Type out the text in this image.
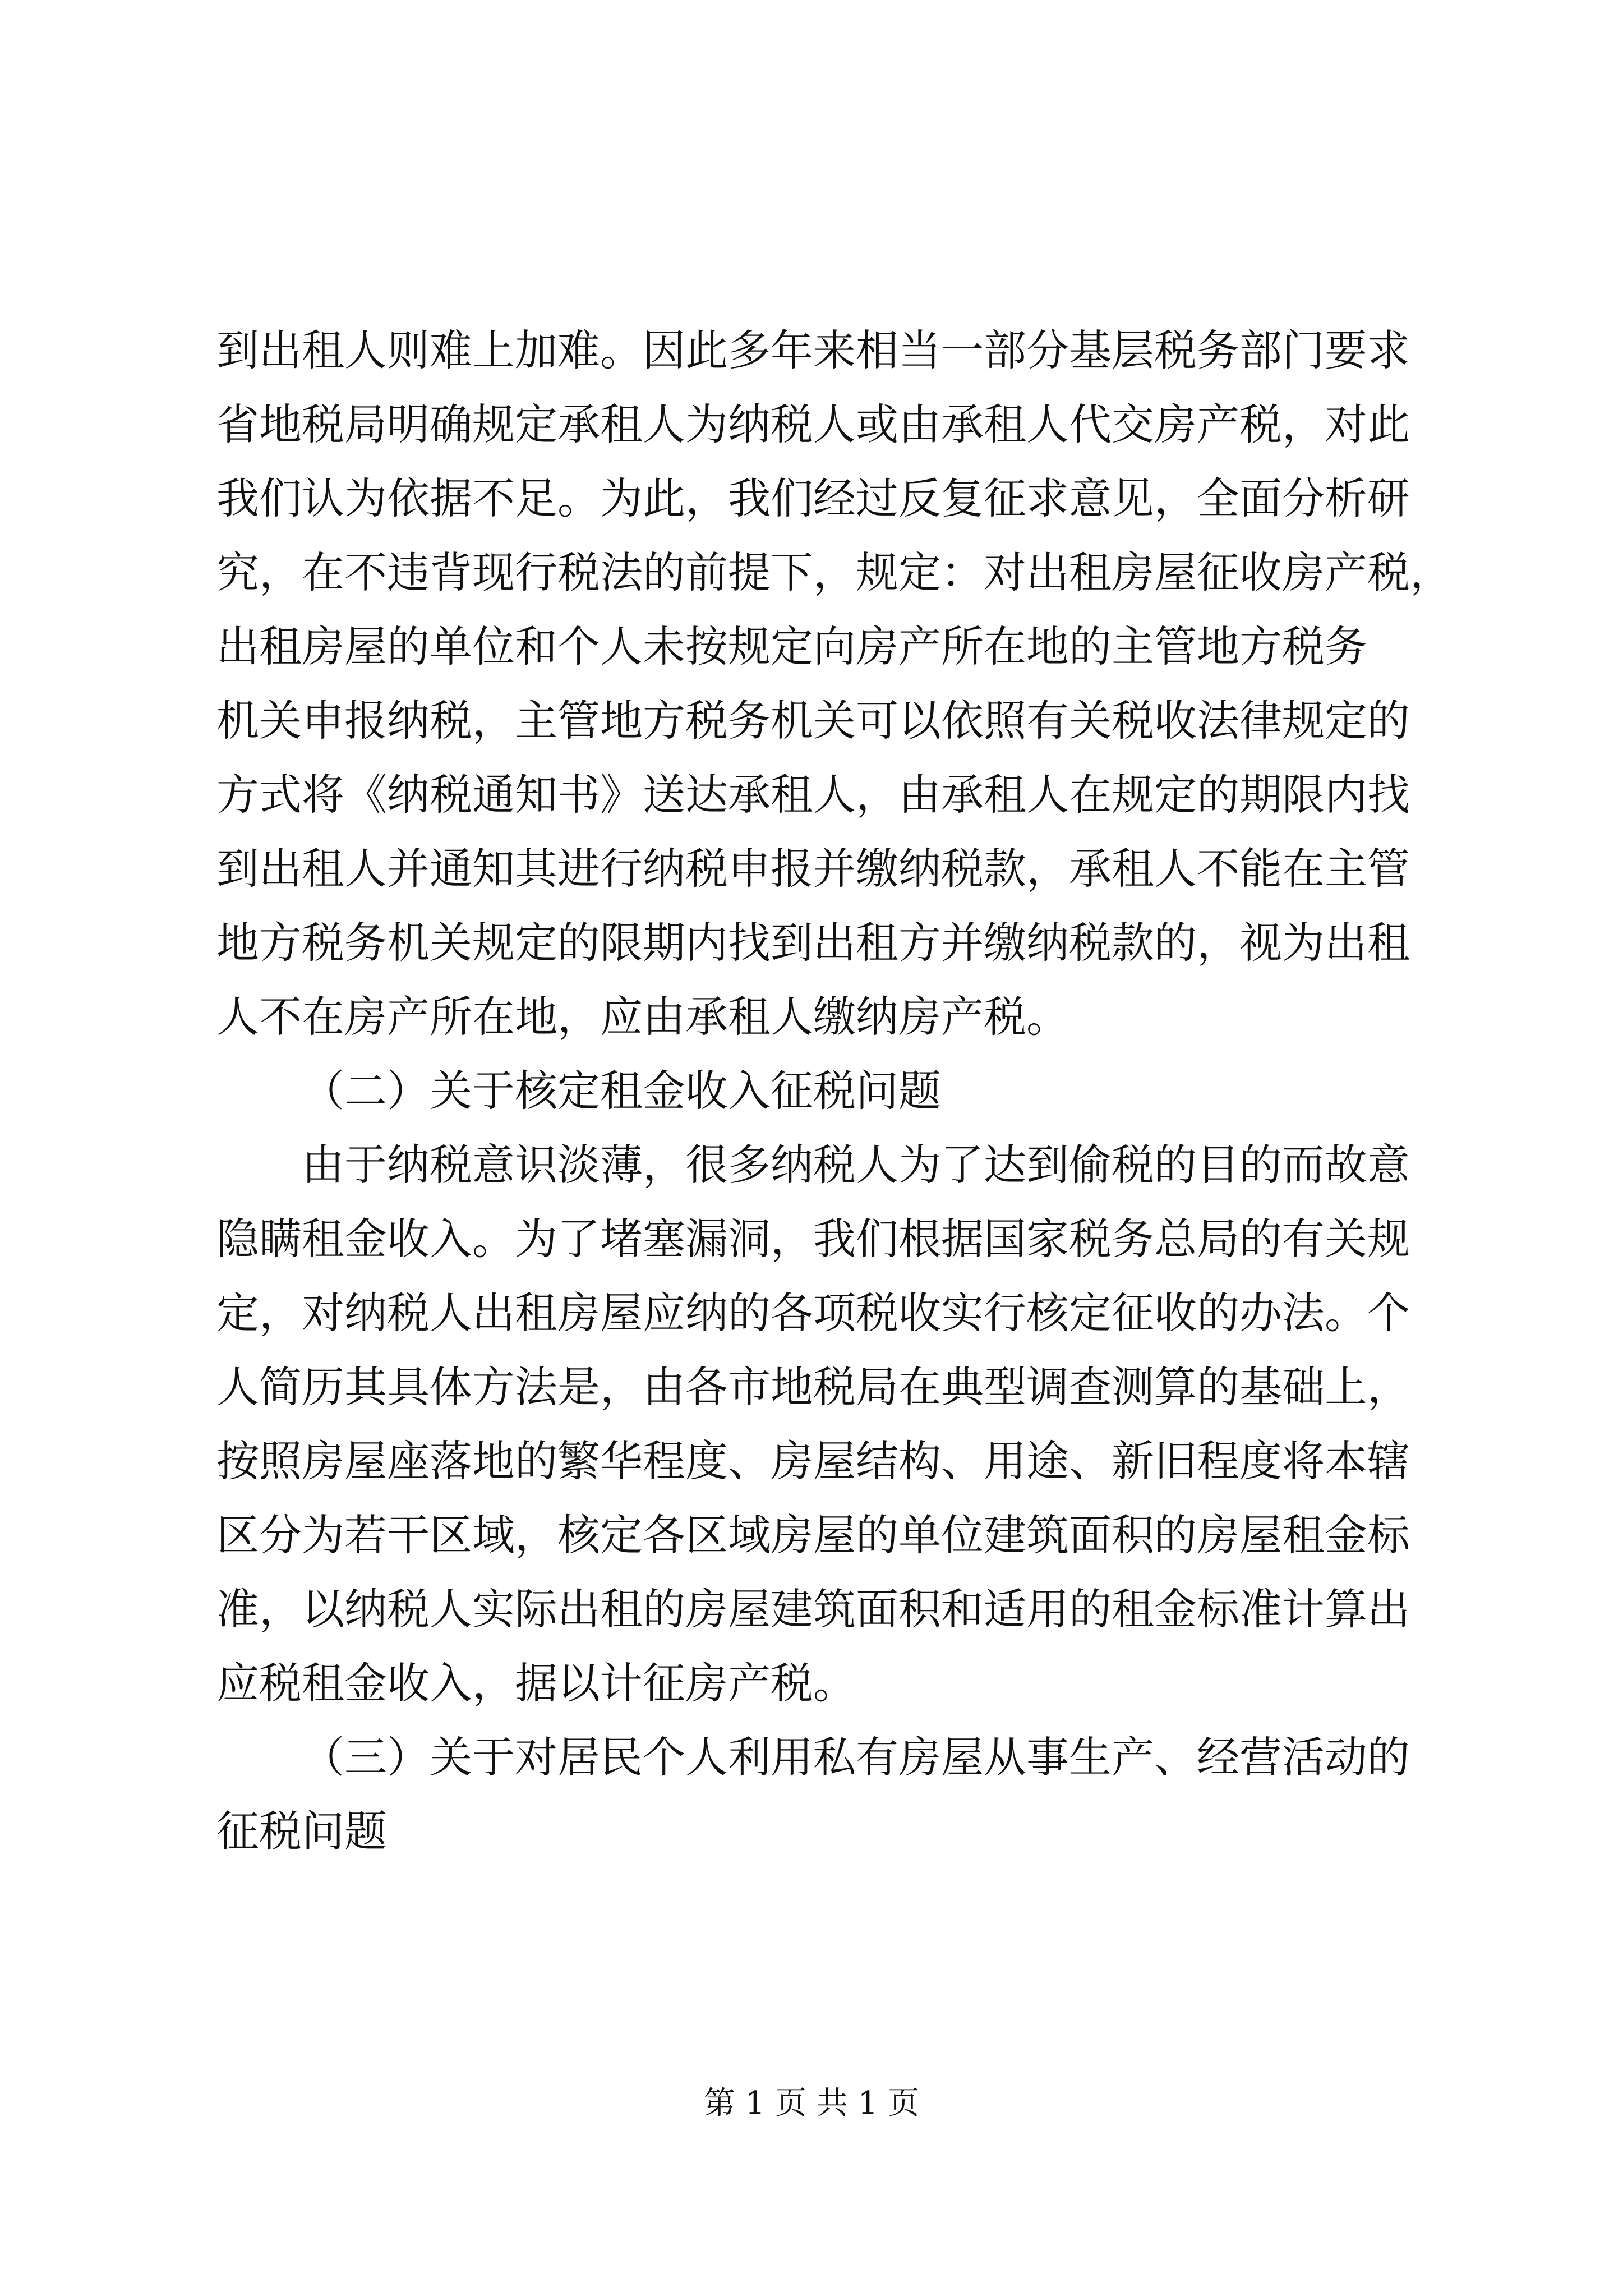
到出租人则难上加难。因此多年来相当一部分基层税务部门要求
省地税局明确规定承租人为纳税人或由承租人代交房产税，对此
我们认为依据不足。为此，我们经过反复征求意见，全面分析研
究，在不违背现行税法的前提下，规定：对出租房屋征收房产税，
出租房屋的单位和个人未按规定向房产所在地的主管地方税务
机关申报纳税，主管地方税务机关可以依照有关税收法律规定的
方式将《纳税通知书》送达承租人，由承租人在规定的期限内找
到出租人并通知其进行纳税申报并缴纳税款，承租人不能在主管
地方税务机关规定的限期内找到出租方并缴纳税款的，视为出租
人不在房产所在地，应由承租人缴纳房产税。
（二）关于核定租金收入征税问题
由于纳税意识淡薄，很多纳税人为了达到偷税的目的而故意
隐瞒租金收入。为了堵塞漏洞，我们根据国家税务总局的有关规
定，对纳税人出租房屋应纳的各项税收实行核定征收的办法。个
人简历其具体方法是，由各市地税局在典型调查测算的基础上，
按照房屋座落地的繁华程度、房屋结构、用途、新旧程度将本辖
区分为若干区域，核定各区域房屋的单位建筑面积的房屋租金标
准，以纳税人实际出租的房屋建筑面积和适用的租金标准计算出
应税租金收入，据以计征房产税。
（三）关于对居民个人利用私有房屋从事生产、经营活动的
征税问题
第 1 页 共 1 页
